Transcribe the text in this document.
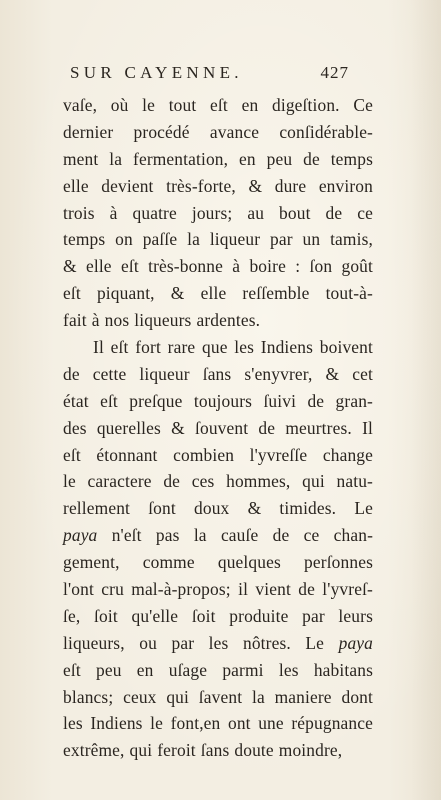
SUR CAYENNE.	427
vaſe, où le tout eſt en digeſtion. Ce
dernier procédé avance conſidérable-
ment la fermentation, en peu de temps
elle devient très-forte, & dure environ
trois à quatre jours; au bout de ce
temps on paſſe la liqueur par un tamis,
& elle eſt très-bonne à boire : ſon goût
eſt piquant, & elle reſſemble tout-à-
fait à nos liqueurs ardentes.
Il eſt fort rare que les Indiens boivent
de cette liqueur ſans s'enyvrer, & cet
état eſt preſque toujours ſuivi de gran-
des querelles & ſouvent de meurtres. Il
eſt étonnant combien l'yvreſſe change
le caractere de ces hommes, qui natu-
rellement ſont doux & timides. Le
paya n'eſt pas la cauſe de ce chan-
gement, comme quelques perſonnes
l'ont cru mal-à-propos; il vient de l'yvreſ-
ſe, ſoit qu'elle ſoit produite par leurs
liqueurs, ou par les nôtres. Le paya
eſt peu en uſage parmi les habitans
blancs; ceux qui ſavent la maniere dont
les Indiens le font,en ont une répugnance
extrême, qui feroit ſans doute moindre,
